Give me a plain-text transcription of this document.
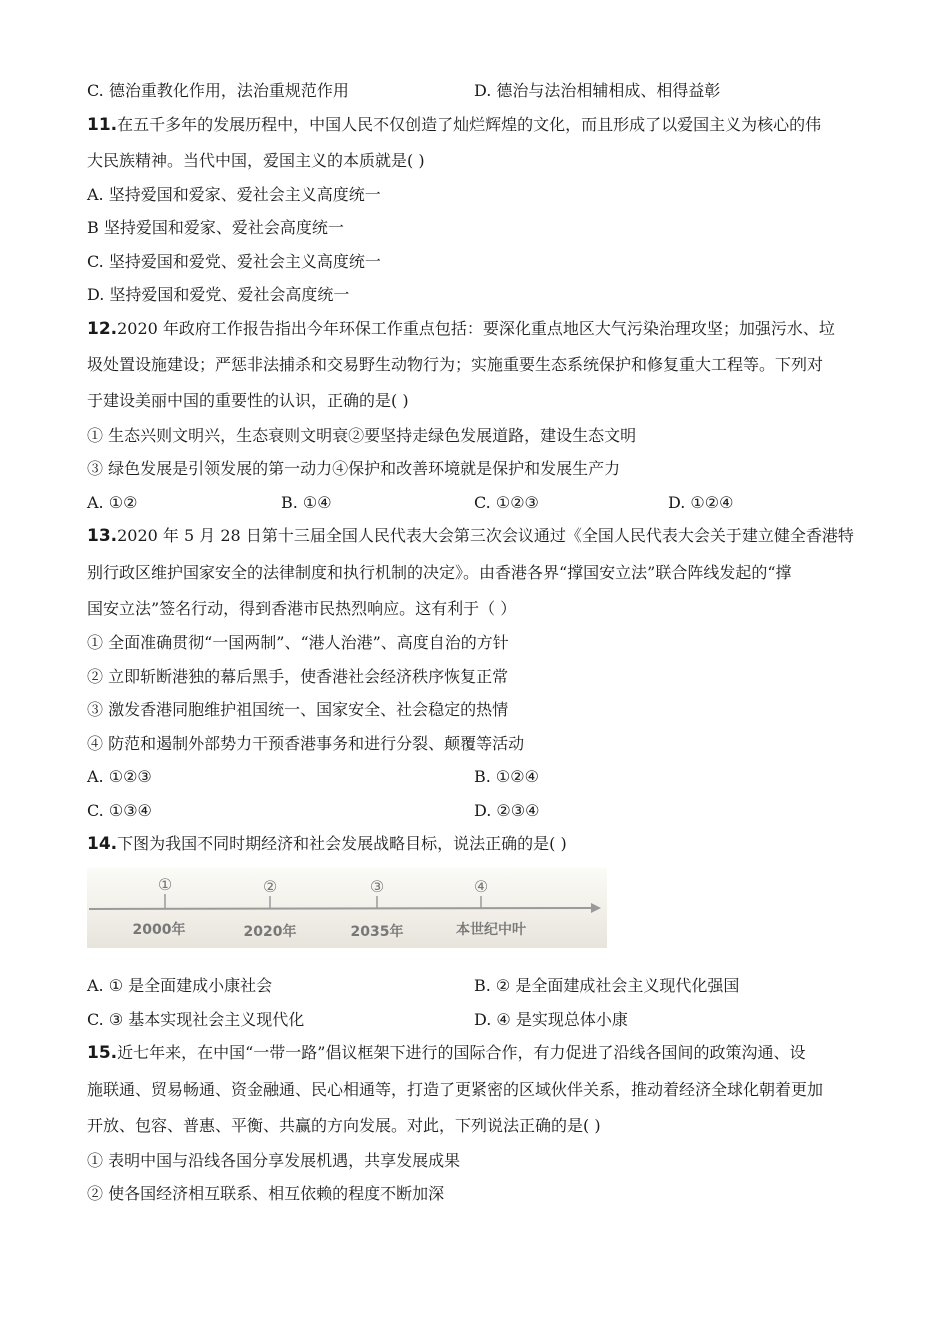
C. 德治重教化作用，法治重规范作用	D. 德治与法治相辅相成、相得益彰
11.在五千多年的发展历程中，中国人民不仅创造了灿烂辉煌的文化，而且形成了以爱国主义为核心的伟
大民族精神。当代中国，爱国主义的本质就是( )
A. 坚持爱国和爱家、爱社会主义高度统一
B 坚持爱国和爱家、爱社会高度统一
C. 坚持爱国和爱党、爱社会主义高度统一
D. 坚持爱国和爱党、爱社会高度统一
12.2020 年政府工作报告指出今年环保工作重点包括：要深化重点地区大气污染治理攻坚；加强污水、垃
圾处置设施建设；严惩非法捕杀和交易野生动物行为；实施重要生态系统保护和修复重大工程等。下列对
于建设美丽中国的重要性的认识，正确的是( )
① 生态兴则文明兴，生态衰则文明衰②要坚持走绿色发展道路，建设生态文明
③ 绿色发展是引领发展的第一动力④保护和改善环境就是保护和发展生产力
A. ①②	B. ①④	C. ①②③	D. ①②④
13.2020 年 5 月 28 日第十三届全国人民代表大会第三次会议通过《全国人民代表大会关于建立健全香港特
别行政区维护国家安全的法律制度和执行机制的决定》。由香港各界“撑国安立法”联合阵线发起的“撑
国安立法”签名行动，得到香港市民热烈响应。这有利于（ ）
① 全面准确贯彻“一国两制”、“港人治港”、高度自治的方针
② 立即斩断港独的幕后黑手，使香港社会经济秩序恢复正常
③ 激发香港同胞维护祖国统一、国家安全、社会稳定的热情
④ 防范和遏制外部势力干预香港事务和进行分裂、颠覆等活动
A. ①②③	B. ①②④
C. ①③④	D. ②③④
14.下图为我国不同时期经济和社会发展战略目标，说法正确的是( )
①	②	③	④
2000年	2020年	2035年	本世纪中叶
A. ① 是全面建成小康社会	B. ② 是全面建成社会主义现代化强国
C. ③ 基本实现社会主义现代化	D. ④ 是实现总体小康
15.近七年来，在中国“一带一路”倡议框架下进行的国际合作，有力促进了沿线各国间的政策沟通、设
施联通、贸易畅通、资金融通、民心相通等，打造了更紧密的区域伙伴关系，推动着经济全球化朝着更加
开放、包容、普惠、平衡、共赢的方向发展。对此，下列说法正确的是( )
① 表明中国与沿线各国分享发展机遇，共享发展成果
② 使各国经济相互联系、相互依赖的程度不断加深
